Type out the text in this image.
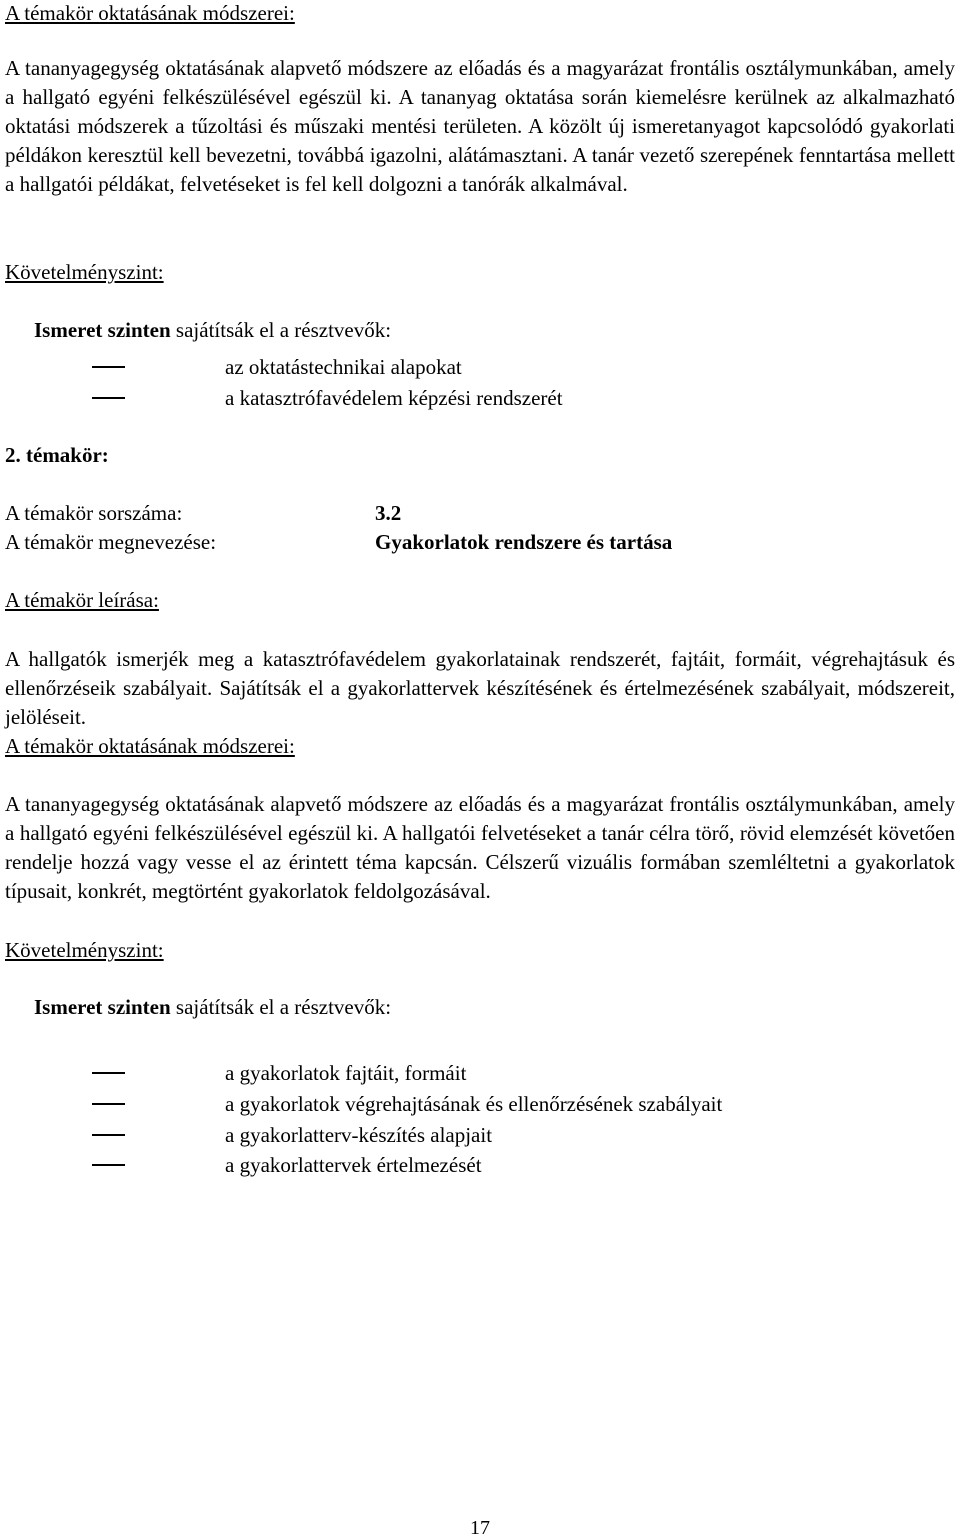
A témakör oktatásának módszerei:

A tananyagegység oktatásának alapvető módszere az előadás és a magyarázat frontális osztálymunkában, amely a hallgató egyéni felkészülésével egészül ki. A tananyag oktatása során kiemelésre kerülnek az alkalmazható oktatási módszerek a tűzoltási és műszaki mentési területen. A közölt új ismeretanyagot kapcsolódó gyakorlati példákon keresztül kell bevezetni, továbbá igazolni, alátámasztani. A tanár vezető szerepének fenntartása mellett a hallgatói példákat, felvetéseket is fel kell dolgozni a tanórák alkalmával.

Követelményszint:
Ismeret szinten sajátítsák el a résztvevők:
az oktatástechnikai alapokat
a katasztrófavédelem képzési rendszerét
2. témakör:
A témakör sorszáma:	3.2
A témakör megnevezése:	Gyakorlatok rendszere és tartása
A témakör leírása:

A hallgatók ismerjék meg a katasztrófavédelem gyakorlatainak rendszerét, fajtáit, formáit, végrehajtásuk és ellenőrzéseik szabályait. Sajátítsák el a gyakorlattervek készítésének és értelmezésének szabályait, módszereit, jelöléseit.

A témakör oktatásának módszerei:

A tananyagegység oktatásának alapvető módszere az előadás és a magyarázat frontális osztálymunkában, amely a hallgató egyéni felkészülésével egészül ki. A hallgatói felvetéseket a tanár célra törő, rövid elemzését követően rendelje hozzá vagy vesse el az érintett téma kapcsán. Célszerű vizuális formában szemléltetni a gyakorlatok típusait, konkrét, megtörtént gyakorlatok feldolgozásával.

Követelményszint:
Ismeret szinten sajátítsák el a résztvevők:
a gyakorlatok fajtáit, formáit
a gyakorlatok végrehajtásának és ellenőrzésének szabályait
a gyakorlatterv-készítés alapjait
a gyakorlattervek értelmezését
17
